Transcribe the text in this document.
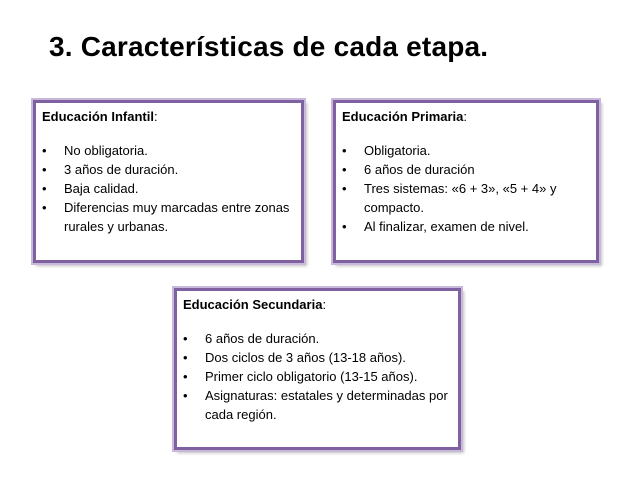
3. Características de cada etapa.
Educación Infantil:
• No obligatoria.
• 3 años de duración.
• Baja calidad.
• Diferencias muy marcadas entre zonas rurales y urbanas.
Educación Primaria:
• Obligatoria.
• 6 años de duración
• Tres sistemas: «6 + 3», «5 + 4» y compacto.
• Al finalizar, examen de nivel.
Educación Secundaria:
• 6 años de duración.
• Dos ciclos de 3 años (13-18 años).
• Primer ciclo obligatorio (13-15 años).
• Asignaturas: estatales y determinadas por cada región.
